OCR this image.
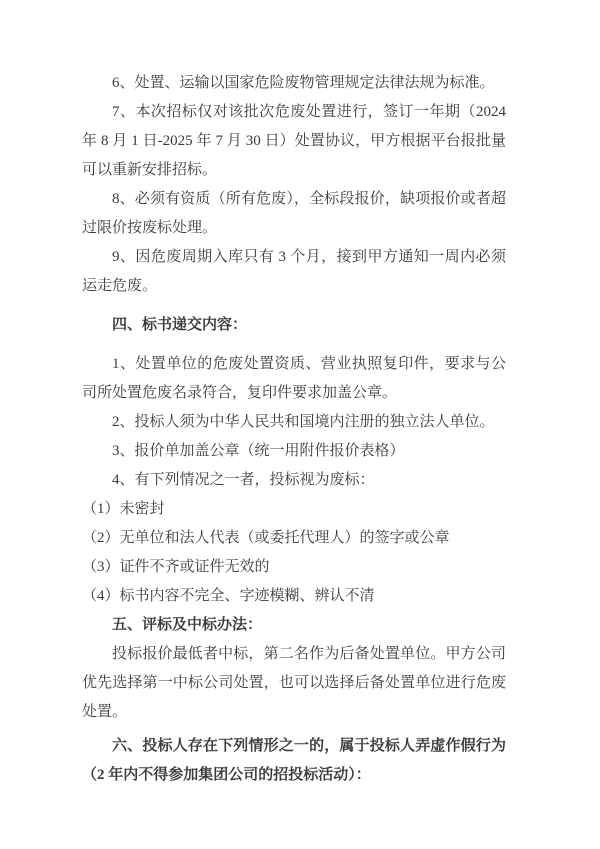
6、处置、运输以国家危险废物管理规定法律法规为标准。

7、本次招标仅对该批次危废处置进行，签订一年期（2024 年 8 月 1 日-2025 年 7 月 30 日）处置协议，甲方根据平台报批量可以重新安排招标。

8、必须有资质（所有危废），全标段报价，缺项报价或者超过限价按废标处理。

9、因危废周期入库只有 3 个月，接到甲方通知一周内必须运走危废。

四、标书递交内容：

1、处置单位的危废处置资质、营业执照复印件，要求与公司所处置危废名录符合，复印件要求加盖公章。

2、投标人须为中华人民共和国境内注册的独立法人单位。

3、报价单加盖公章（统一用附件报价表格）

4、有下列情况之一者，投标视为废标：

（1）未密封

（2）无单位和法人代表（或委托代理人）的签字或公章

（3）证件不齐或证件无效的

（4）标书内容不完全、字迹模糊、辨认不清

五、评标及中标办法：

投标报价最低者中标，第二名作为后备处置单位。甲方公司优先选择第一中标公司处置，也可以选择后备处置单位进行危废处置。

六、投标人存在下列情形之一的，属于投标人弄虚作假行为（2 年内不得参加集团公司的招投标活动）：
